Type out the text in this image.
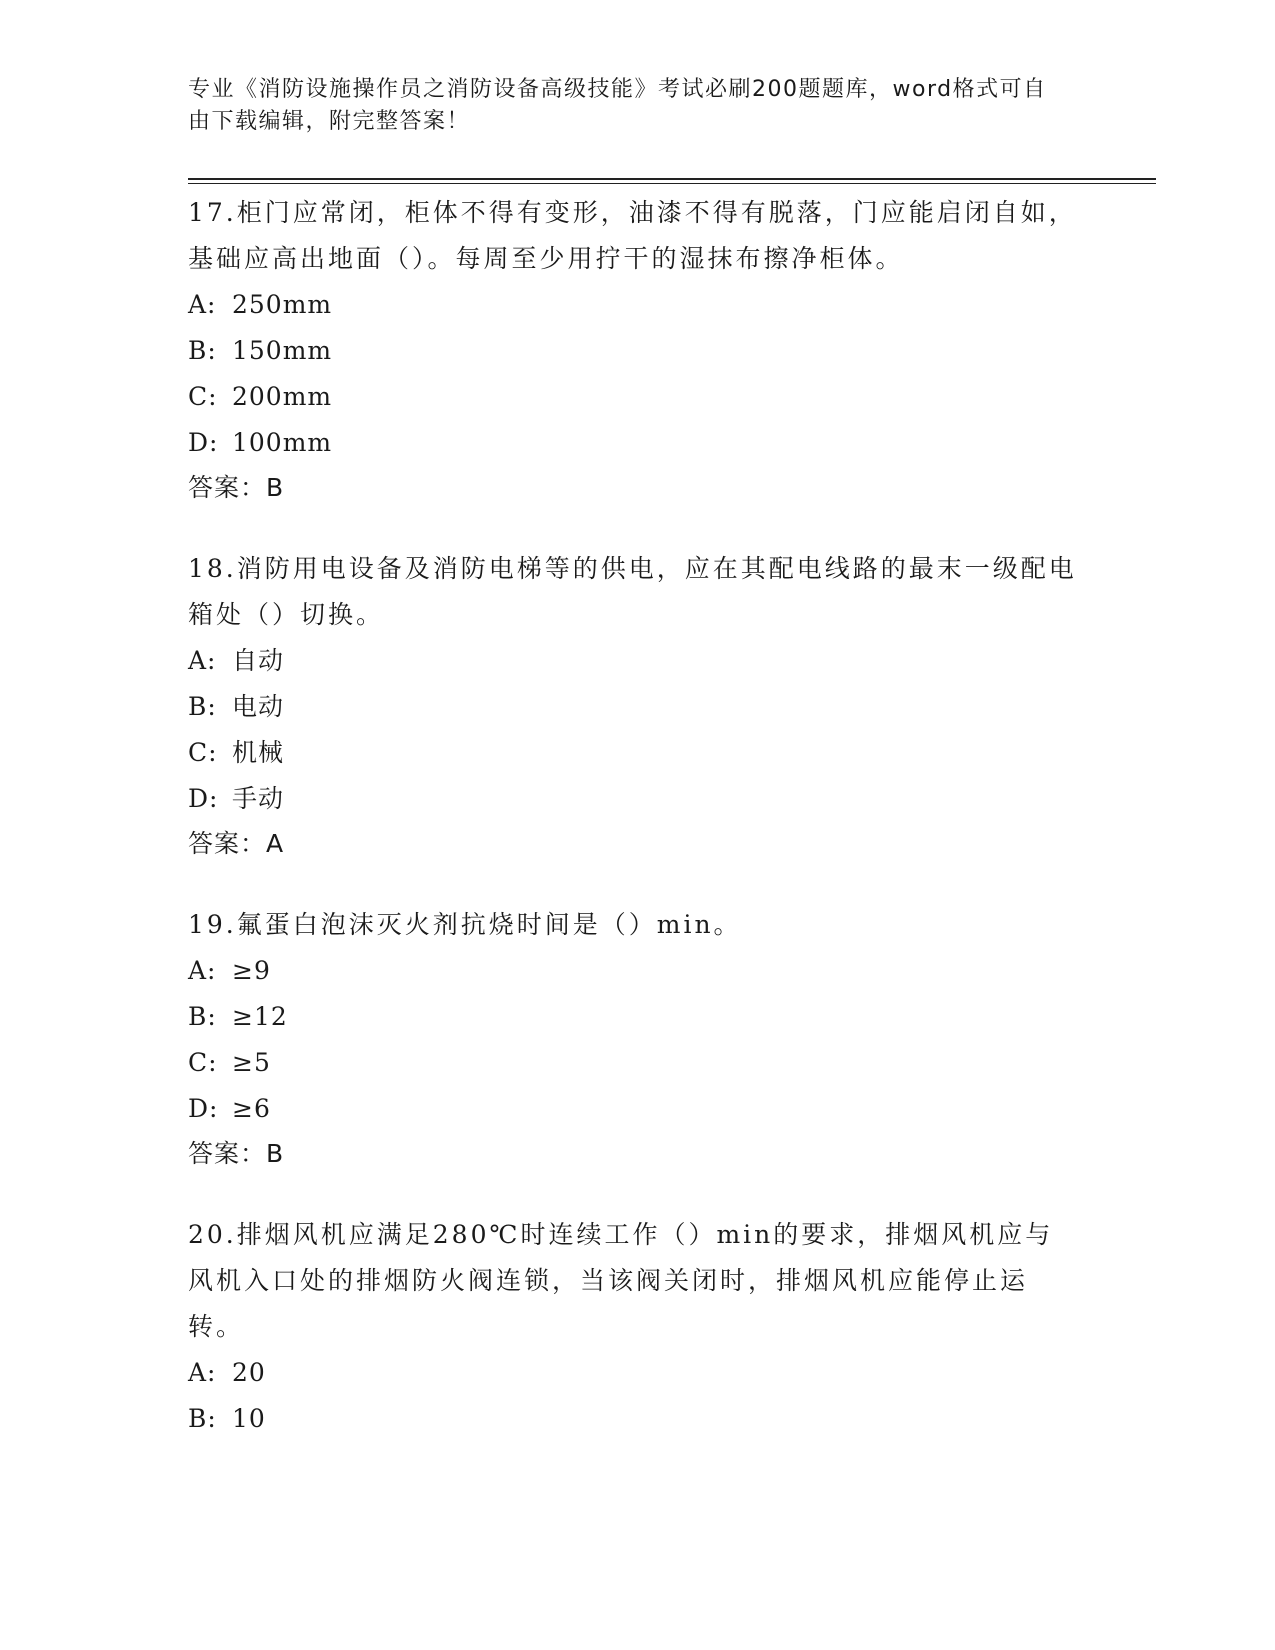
专业《消防设施操作员之消防设备高级技能》考试必刷200题题库，word格式可自由下载编辑，附完整答案！

17.柜门应常闭，柜体不得有变形，油漆不得有脱落，门应能启闭自如，基础应高出地面（）。每周至少用拧干的湿抹布擦净柜体。

A: 250mm
B: 150mm
C: 200mm
D: 100mm
答案：B

18.消防用电设备及消防电梯等的供电，应在其配电线路的最末一级配电箱处（）切换。

A: 自动
B: 电动
C: 机械
D: 手动
答案：A

19.氟蛋白泡沫灭火剂抗烧时间是（）min。

A: ≥9
B: ≥12
C: ≥5
D: ≥6
答案：B

20.排烟风机应满足280℃时连续工作（）min的要求，排烟风机应与风机入口处的排烟防火阀连锁，当该阀关闭时，排烟风机应能停止运转。

A: 20
B: 10
